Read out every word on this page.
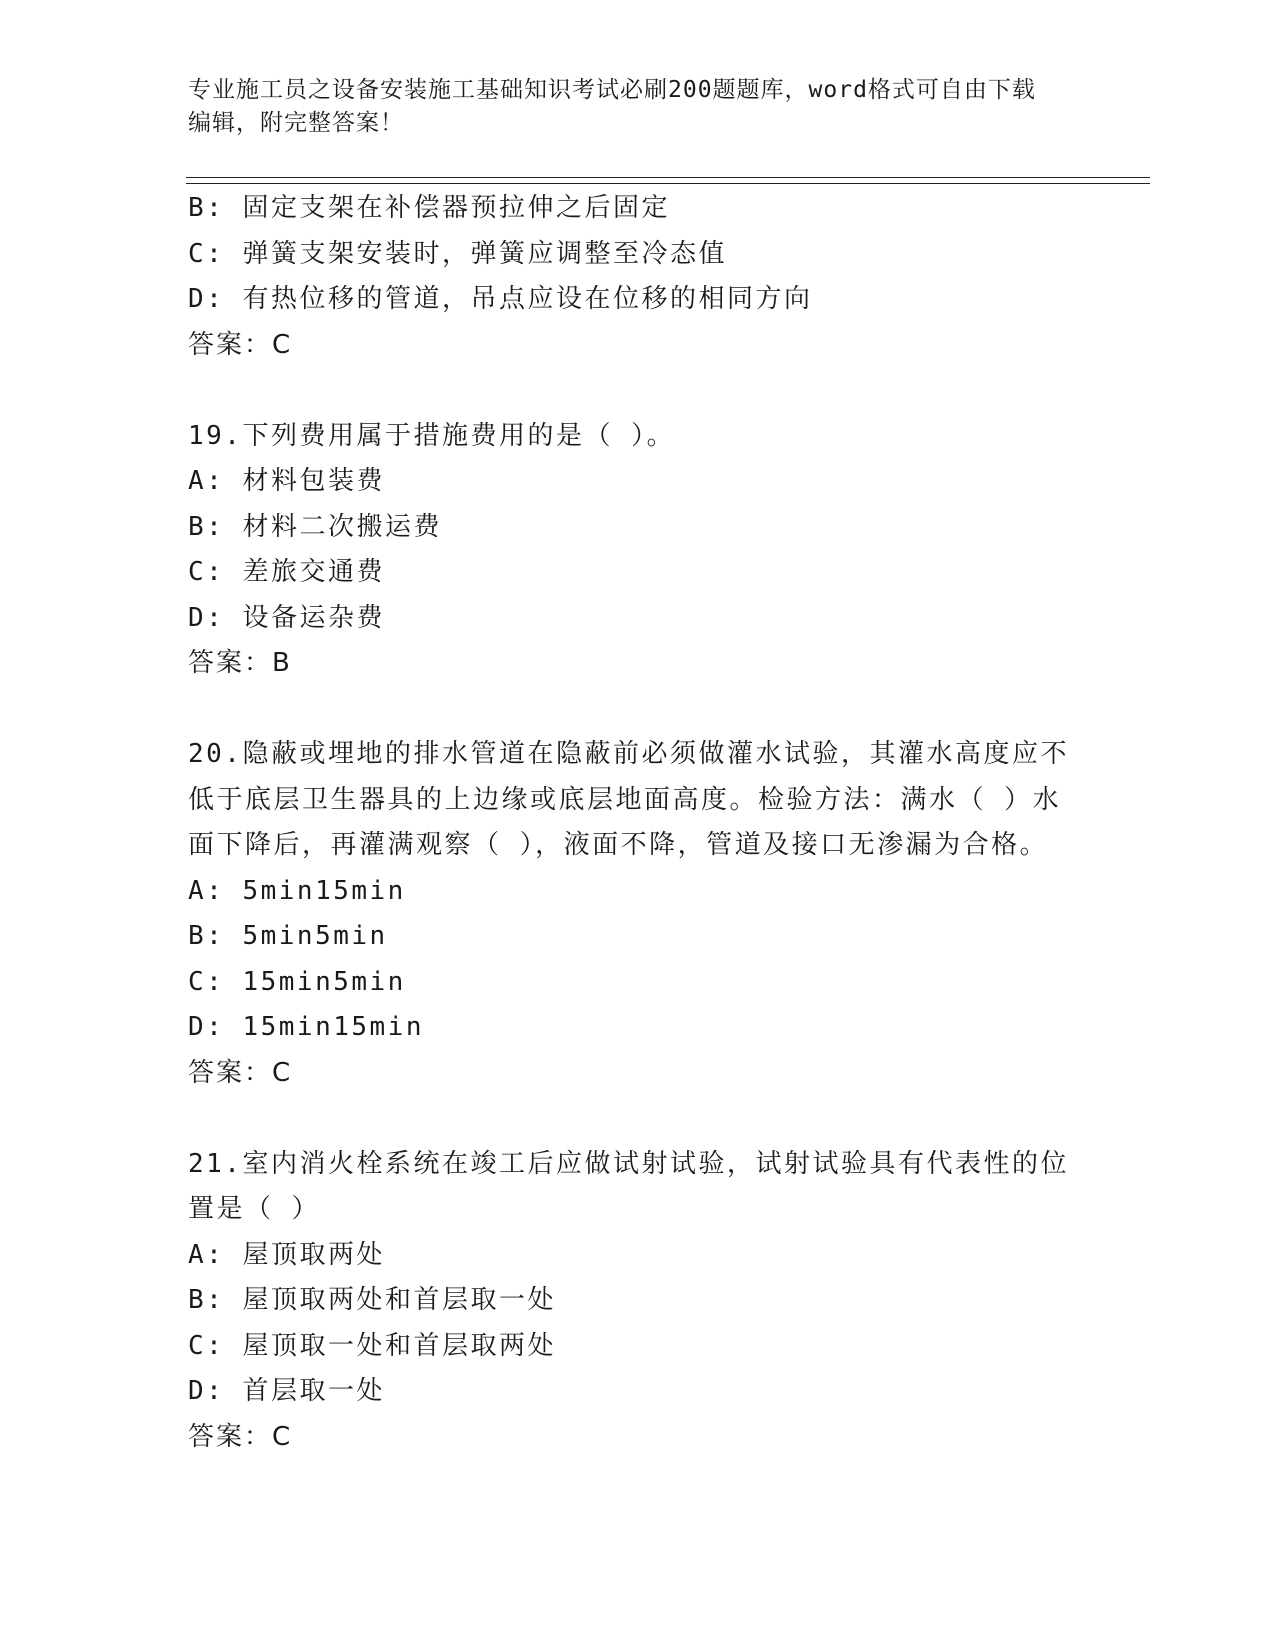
专业施工员之设备安装施工基础知识考试必刷200题题库，word格式可自由下载
编辑，附完整答案！
B: 固定支架在补偿器预拉伸之后固定
C: 弹簧支架安装时，弹簧应调整至冷态值
D: 有热位移的管道，吊点应设在位移的相同方向
答案：C
19.下列费用属于措施费用的是（ ）。
A: 材料包装费
B: 材料二次搬运费
C: 差旅交通费
D: 设备运杂费
答案：B
20.隐蔽或埋地的排水管道在隐蔽前必须做灌水试验，其灌水高度应不
低于底层卫生器具的上边缘或底层地面高度。检验方法：满水（ ）水
面下降后，再灌满观察（ ），液面不降，管道及接口无渗漏为合格。
A: 5min15min
B: 5min5min
C: 15min5min
D: 15min15min
答案：C
21.室内消火栓系统在竣工后应做试射试验，试射试验具有代表性的位
置是（ ）
A: 屋顶取两处
B: 屋顶取两处和首层取一处
C: 屋顶取一处和首层取两处
D: 首层取一处
答案：C
